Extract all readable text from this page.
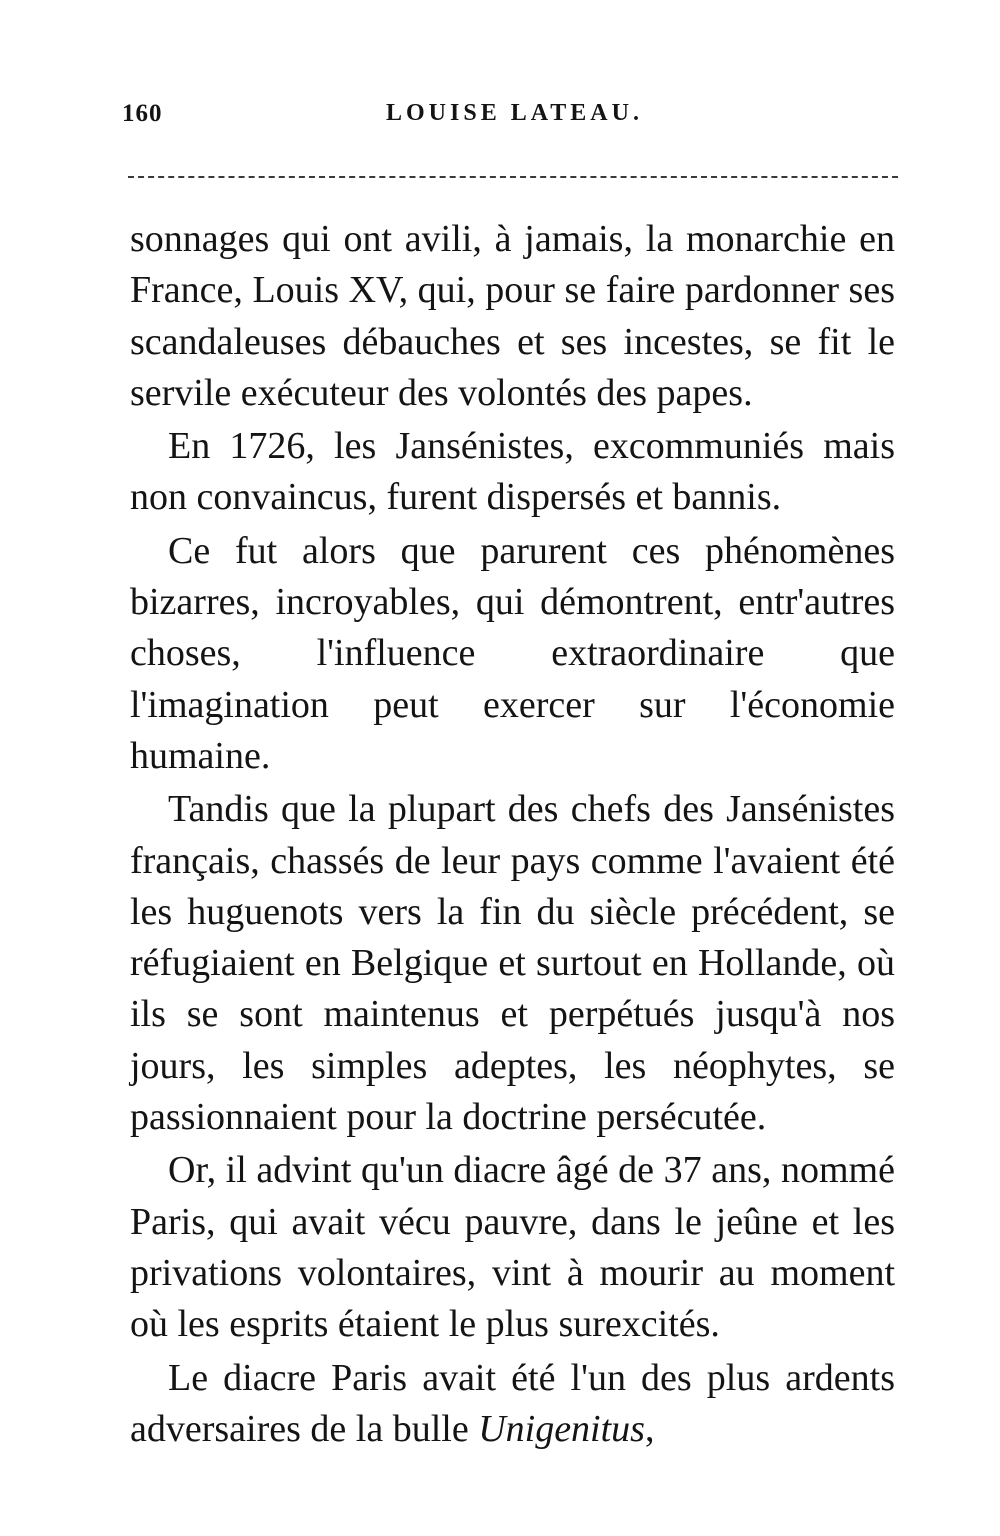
160	LOUISE LATEAU.

sonnages qui ont avili, à jamais, la monarchie en France, Louis XV, qui, pour se faire pardonner ses scandaleuses débauches et ses incestes, se fit le servile exécuteur des volontés des papes.

En 1726, les Jansénistes, excommuniés mais non convaincus, furent dispersés et bannis.

Ce fut alors que parurent ces phénomènes bizarres, incroyables, qui démontrent, entr'autres choses, l'influence extraordinaire que l'imagination peut exercer sur l'économie humaine.

Tandis que la plupart des chefs des Jansénistes français, chassés de leur pays comme l'avaient été les huguenots vers la fin du siècle précédent, se réfugiaient en Belgique et surtout en Hollande, où ils se sont maintenus et perpétués jusqu'à nos jours, les simples adeptes, les néophytes, se passionnaient pour la doctrine persécutée.

Or, il advint qu'un diacre âgé de 37 ans, nommé Paris, qui avait vécu pauvre, dans le jeûne et les privations volontaires, vint à mourir au moment où les esprits étaient le plus surexcités.

Le diacre Paris avait été l'un des plus ardents adversaires de la bulle Unigenitus,
